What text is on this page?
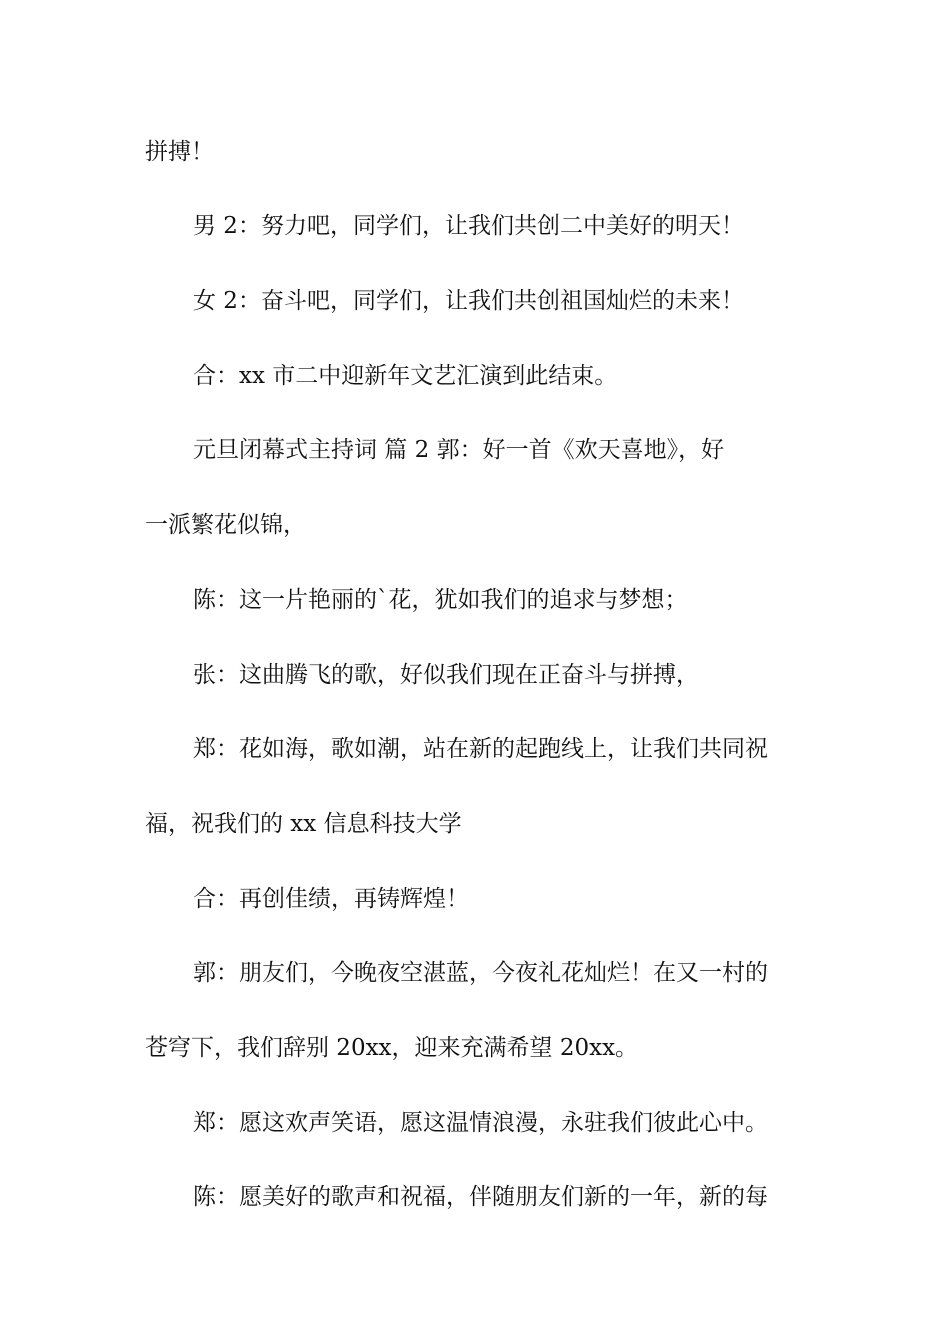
拼搏！
男 2：努力吧，同学们，让我们共创二中美好的明天！
女 2：奋斗吧，同学们，让我们共创祖国灿烂的未来！
合：xx 市二中迎新年文艺汇演到此结束。
元旦闭幕式主持词 篇 2 郭：好一首《欢天喜地》，好
一派繁花似锦，
陈：这一片艳丽的`花，犹如我们的追求与梦想；
张：这曲腾飞的歌，好似我们现在正奋斗与拼搏，
郑：花如海，歌如潮，站在新的起跑线上，让我们共同祝
福，祝我们的 xx 信息科技大学
合：再创佳绩，再铸辉煌！
郭：朋友们，今晚夜空湛蓝，今夜礼花灿烂！在又一村的
苍穹下，我们辞别 20xx，迎来充满希望 20xx。
郑：愿这欢声笑语，愿这温情浪漫，永驻我们彼此心中。
陈：愿美好的歌声和祝福，伴随朋友们新的一年，新的每
